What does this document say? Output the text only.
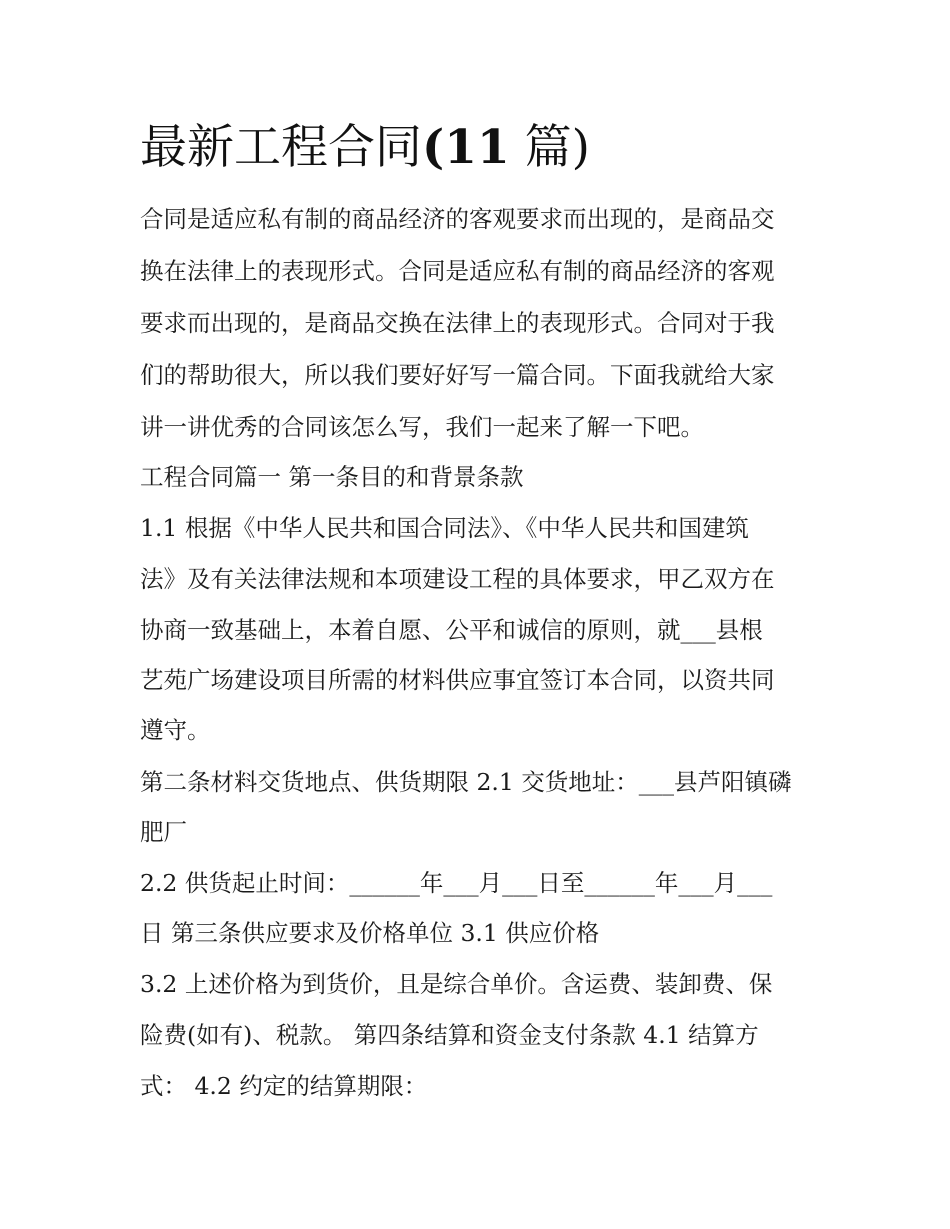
最新工程合同(11 篇)

合同是适应私有制的商品经济的客观要求而出现的，是商品交

换在法律上的表现形式。合同是适应私有制的商品经济的客观

要求而出现的，是商品交换在法律上的表现形式。合同对于我

们的帮助很大，所以我们要好好写一篇合同。下面我就给大家

讲一讲优秀的合同该怎么写，我们一起来了解一下吧。

工程合同篇一 第一条目的和背景条款

1.1 根据《中华人民共和国合同法》、《中华人民共和国建筑

法》及有关法律法规和本项建设工程的具体要求，甲乙双方在

协商一致基础上，本着自愿、公平和诚信的原则，就___县根

艺苑广场建设项目所需的材料供应事宜签订本合同，以资共同

遵守。

第二条材料交货地点、供货期限 2.1 交货地址：___县芦阳镇磷

肥厂

2.2 供货起止时间：______年___月___日至______年___月___

日 第三条供应要求及价格单位 3.1 供应价格

3.2 上述价格为到货价，且是综合单价。含运费、装卸费、保

险费(如有)、税款。 第四条结算和资金支付条款 4.1 结算方

式： 4.2 约定的结算期限：
